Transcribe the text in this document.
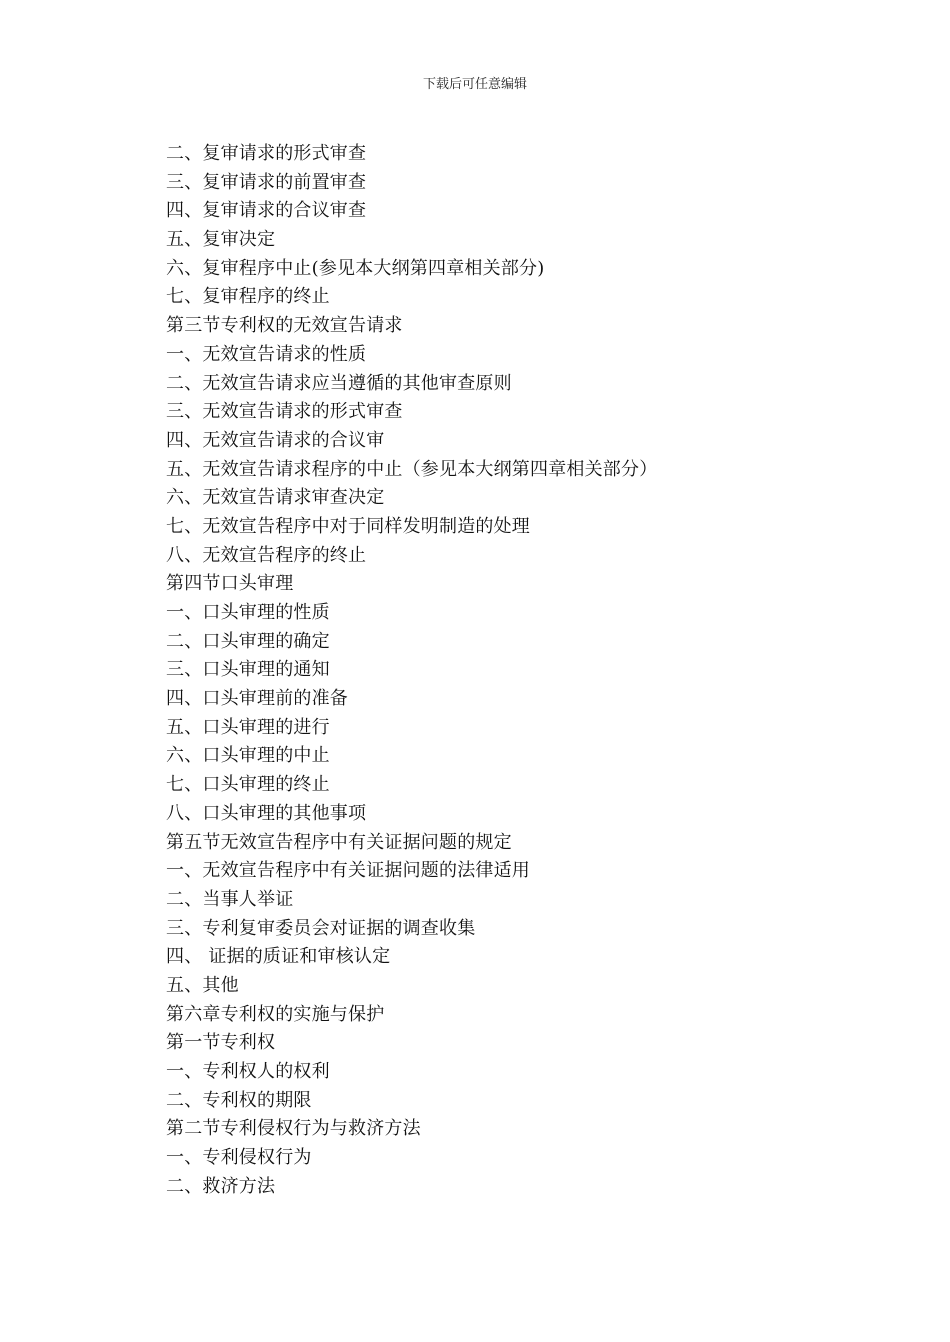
下载后可任意编辑
二、复审请求的形式审查
三、复审请求的前置审查
四、复审请求的合议审查
五、复审决定
六、复审程序中止(参见本大纲第四章相关部分)
七、复审程序的终止
第三节专利权的无效宣告请求
一、无效宣告请求的性质
二、无效宣告请求应当遵循的其他审查原则
三、无效宣告请求的形式审查
四、无效宣告请求的合议审
五、无效宣告请求程序的中止（参见本大纲第四章相关部分）
六、无效宣告请求审查决定
七、无效宣告程序中对于同样发明制造的处理
八、无效宣告程序的终止
第四节口头审理
一、口头审理的性质
二、口头审理的确定
三、口头审理的通知
四、口头审理前的准备
五、口头审理的进行
六、口头审理的中止
七、口头审理的终止
八、口头审理的其他事项
第五节无效宣告程序中有关证据问题的规定
一、无效宣告程序中有关证据问题的法律适用
二、当事人举证
三、专利复审委员会对证据的调查收集
四、 证据的质证和审核认定
五、其他
第六章专利权的实施与保护
第一节专利权
一、专利权人的权利
二、专利权的期限
第二节专利侵权行为与救济方法
一、专利侵权行为
二、救济方法
